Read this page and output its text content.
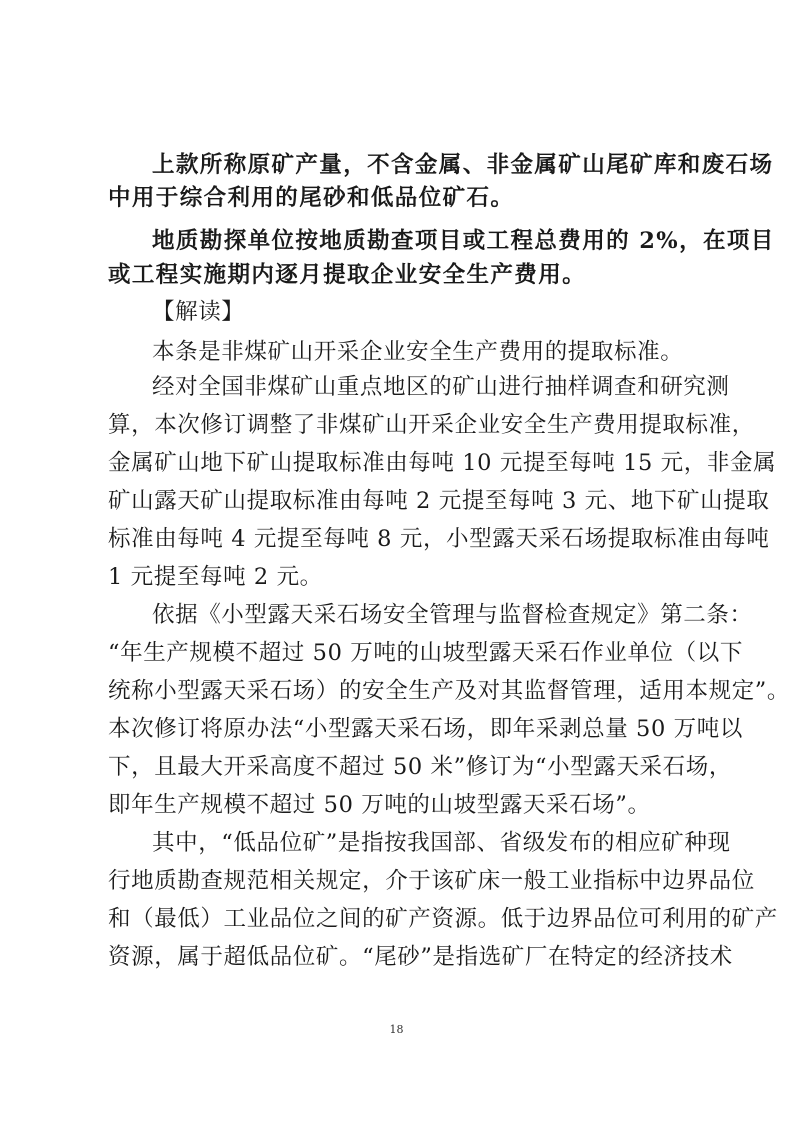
上款所称原矿产量，不含金属、非金属矿山尾矿库和废石场
中用于综合利用的尾砂和低品位矿石。
地质勘探单位按地质勘查项目或工程总费用的 2%，在项目
或工程实施期内逐月提取企业安全生产费用。
【解读】
本条是非煤矿山开采企业安全生产费用的提取标准。
经对全国非煤矿山重点地区的矿山进行抽样调查和研究测
算，本次修订调整了非煤矿山开采企业安全生产费用提取标准，
金属矿山地下矿山提取标准由每吨 10 元提至每吨 15 元，非金属
矿山露天矿山提取标准由每吨 2 元提至每吨 3 元、地下矿山提取
标准由每吨 4 元提至每吨 8 元，小型露天采石场提取标准由每吨
1 元提至每吨 2 元。
依据《小型露天采石场安全管理与监督检查规定》第二条：
“年生产规模不超过 50 万吨的山坡型露天采石作业单位（以下
统称小型露天采石场）的安全生产及对其监督管理，适用本规定”。
本次修订将原办法“小型露天采石场，即年采剥总量 50 万吨以
下，且最大开采高度不超过 50 米”修订为“小型露天采石场，
即年生产规模不超过 50 万吨的山坡型露天采石场”。
其中，“低品位矿”是指按我国部、省级发布的相应矿种现
行地质勘查规范相关规定，介于该矿床一般工业指标中边界品位
和（最低）工业品位之间的矿产资源。低于边界品位可利用的矿产
资源，属于超低品位矿。“尾砂”是指选矿厂在特定的经济技术
18
